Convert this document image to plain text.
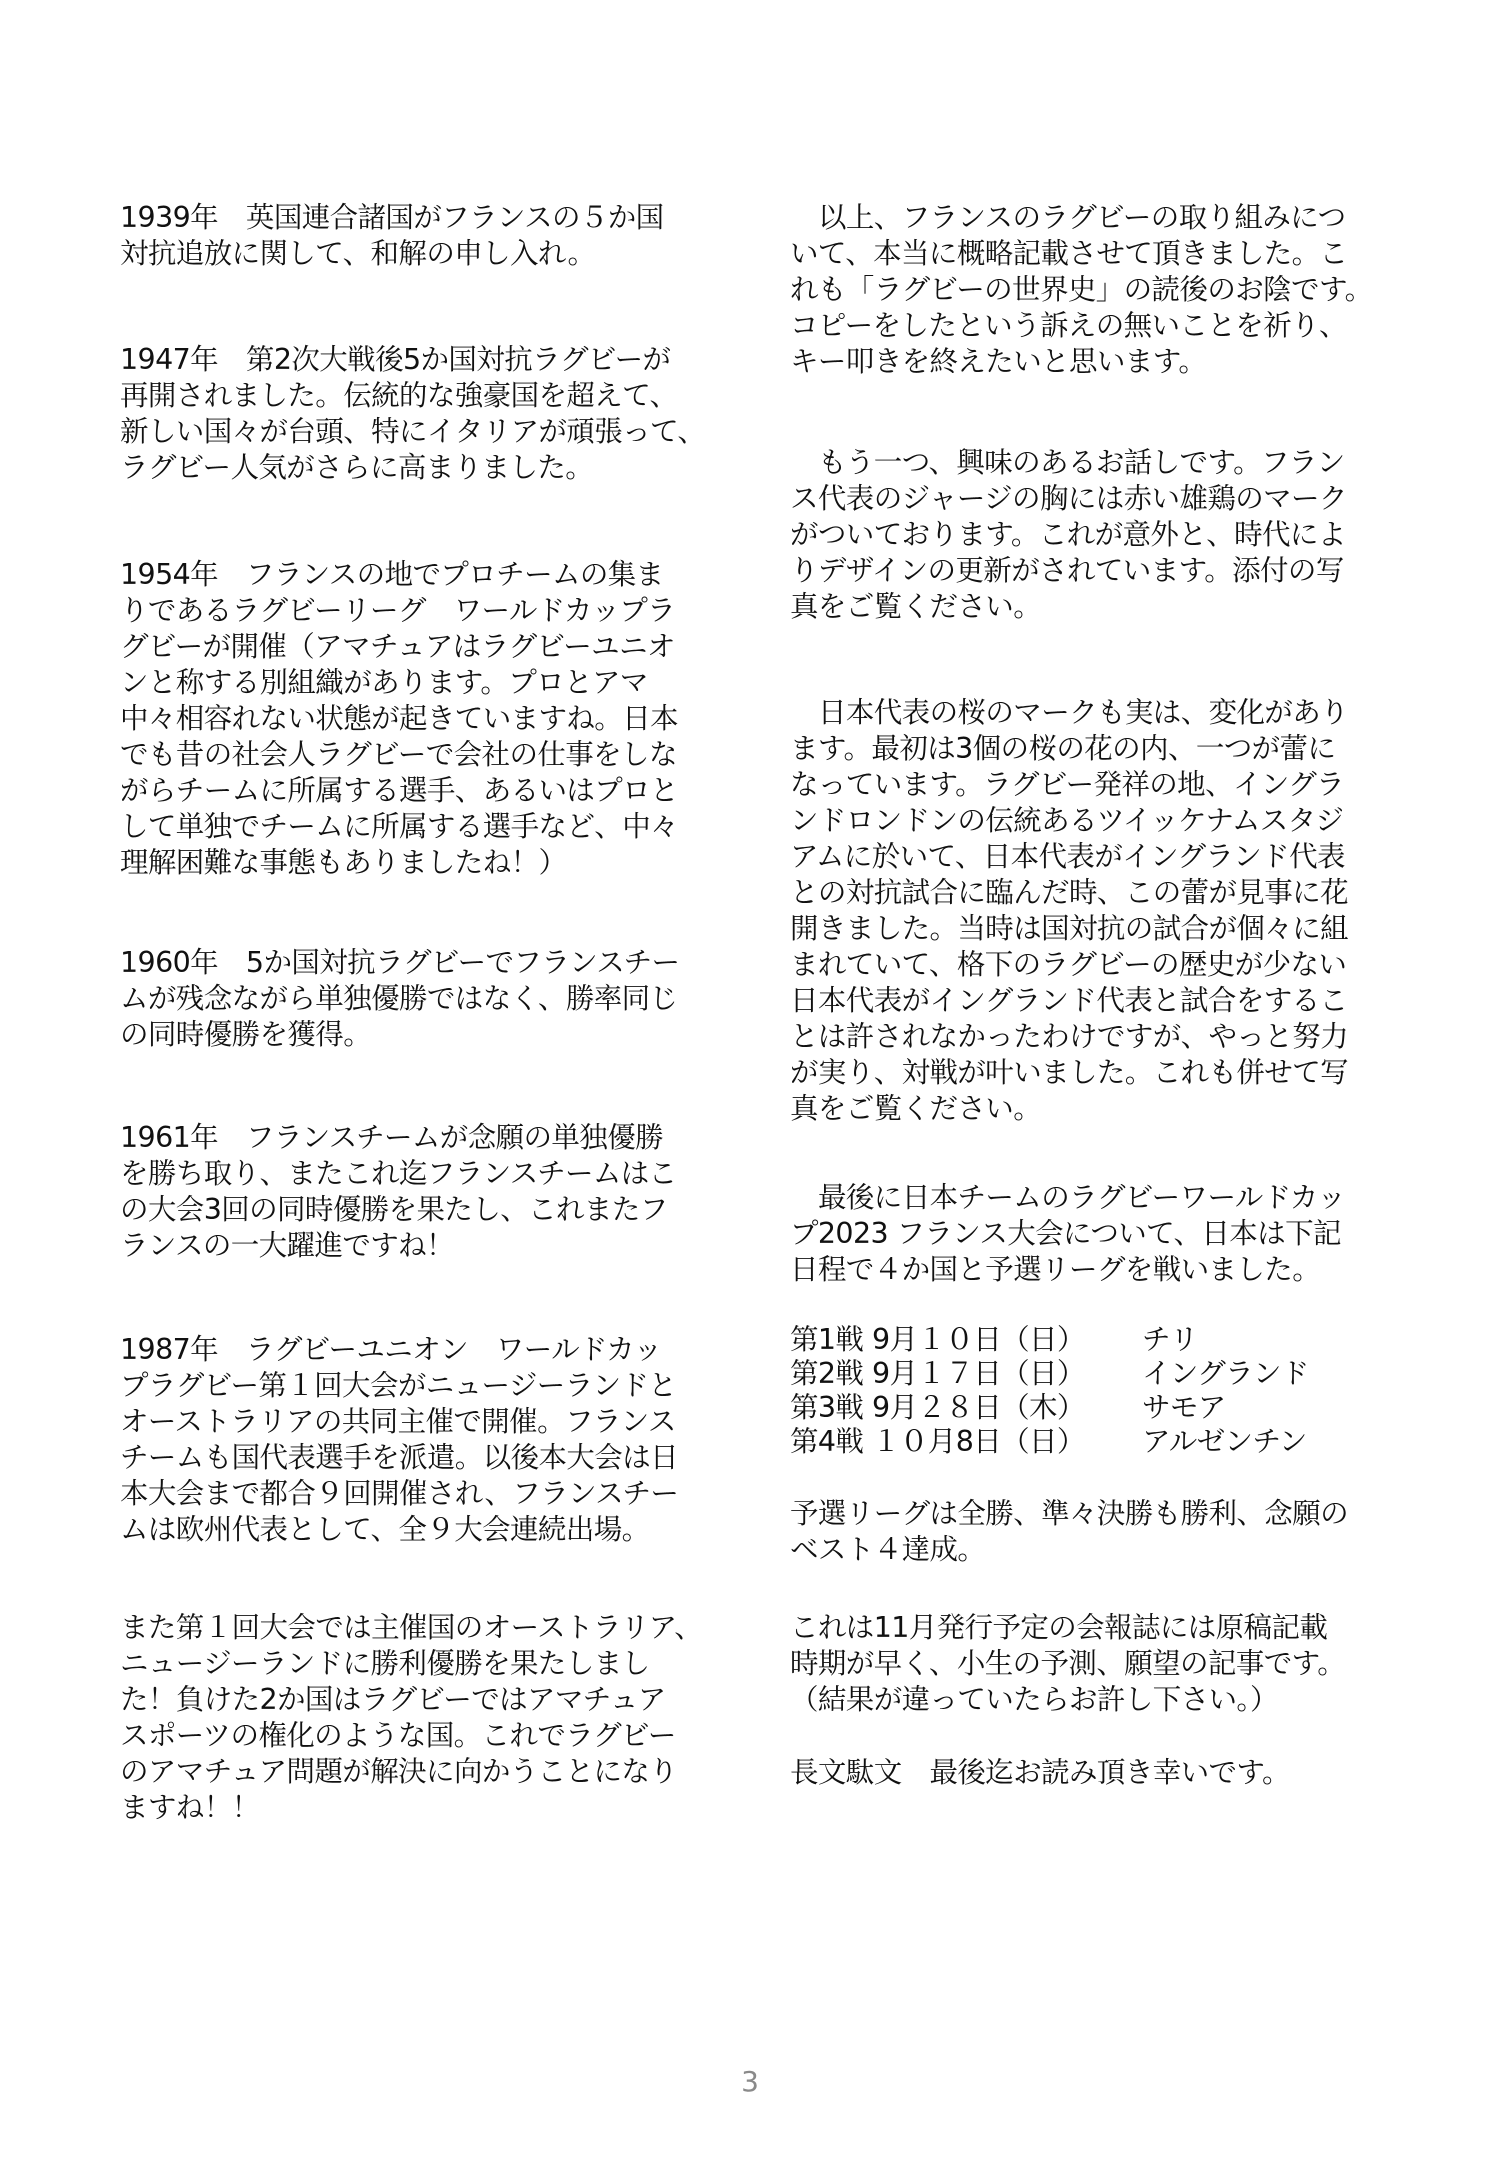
1939年　英国連合諸国がフランスの５か国
対抗追放に関して、和解の申し入れ。

1947年　第2次大戦後5か国対抗ラグビーが
再開されました。伝統的な強豪国を超えて、
新しい国々が台頭、特にイタリアが頑張って、
ラグビー人気がさらに高まりました。

1954年　フランスの地でプロチームの集ま
りであるラグビーリーグ　ワールドカップラ
グビーが開催（アマチュアはラグビーユニオ
ンと称する別組織があります。プロとアマ
中々相容れない状態が起きていますね。日本
でも昔の社会人ラグビーで会社の仕事をしな
がらチームに所属する選手、あるいはプロと
して単独でチームに所属する選手など、中々
理解困難な事態もありましたね！）

1960年　5か国対抗ラグビーでフランスチー
ムが残念ながら単独優勝ではなく、勝率同じ
の同時優勝を獲得。

1961年　フランスチームが念願の単独優勝
を勝ち取り、またこれ迄フランスチームはこ
の大会3回の同時優勝を果たし、これまたフ
ランスの一大躍進ですね！

1987年　ラグビーユニオン　ワールドカッ
プラグビー第１回大会がニュージーランドと
オーストラリアの共同主催で開催。フランス
チームも国代表選手を派遣。以後本大会は日
本大会まで都合９回開催され、フランスチー
ムは欧州代表として、全９大会連続出場。

また第１回大会では主催国のオーストラリア、
ニュージーランドに勝利優勝を果たしまし
た！負けた2か国はラグビーではアマチュア
スポーツの権化のような国。これでラグビー
のアマチュア問題が解決に向かうことになり
ますね！！

以上、フランスのラグビーの取り組みにつ
いて、本当に概略記載させて頂きました。こ
れも「ラグビーの世界史」の読後のお陰です。
コピーをしたという訴えの無いことを祈り、
キー叩きを終えたいと思います。

もう一つ、興味のあるお話しです。フラン
ス代表のジャージの胸には赤い雄鶏のマーク
がついております。これが意外と、時代によ
りデザインの更新がされています。添付の写
真をご覧ください。

日本代表の桜のマークも実は、変化があり
ます。最初は3個の桜の花の内、一つが蕾に
なっています。ラグビー発祥の地、イングラ
ンドロンドンの伝統あるツイッケナムスタジ
アムに於いて、日本代表がイングランド代表
との対抗試合に臨んだ時、この蕾が見事に花
開きました。当時は国対抗の試合が個々に組
まれていて、格下のラグビーの歴史が少ない
日本代表がイングランド代表と試合をするこ
とは許されなかったわけですが、やっと努力
が実り、対戦が叶いました。これも併せて写
真をご覧ください。

最後に日本チームのラグビーワールドカッ
プ2023 フランス大会について、日本は下記
日程で４か国と予選リーグを戦いました。

第1戦 9月１０日（日） チリ
第2戦 9月１７日（日） イングランド
第3戦 9月２８日（木） サモア
第4戦 １０月8日（日） アルゼンチン

予選リーグは全勝、準々決勝も勝利、念願の
ベスト４達成。

これは11月発行予定の会報誌には原稿記載
時期が早く、小生の予測、願望の記事です。
（結果が違っていたらお許し下さい。）

長文駄文　最後迄お読み頂き幸いです。

3
